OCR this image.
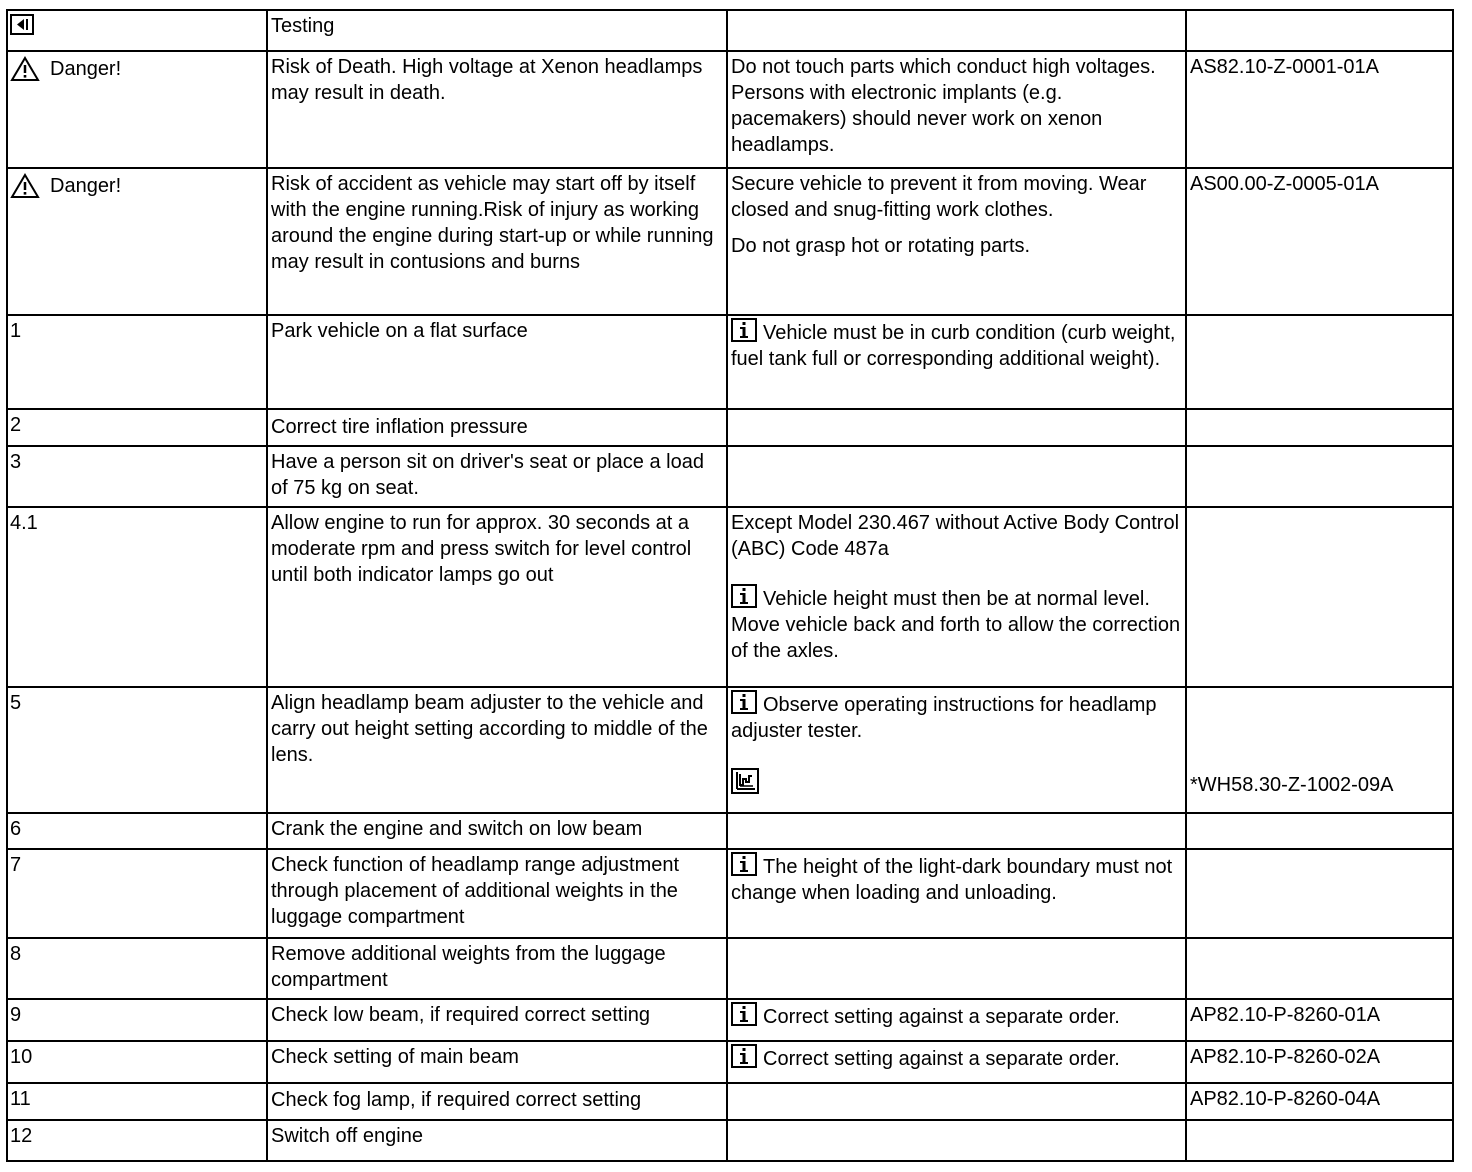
	Testing		

Danger!	Risk of Death. High voltage at Xenon headlamps may result in death.	Do not touch parts which conduct high voltages. Persons with electronic implants (e.g. pacemakers) should never work on xenon headlamps.	AS82.10-Z-0001-01A

Danger!	Risk of accident as vehicle may start off by itself with the engine running.Risk of injury as working around the engine during start-up or while running may result in contusions and burns	Secure vehicle to prevent it from moving. Wear closed and snug-fitting work clothes.
Do not grasp hot or rotating parts.	AS00.00-Z-0005-01A
1	Park vehicle on a flat surface	Vehicle must be in curb condition (curb weight, fuel tank full or corresponding additional weight).	
2	Correct tire inflation pressure		
3	Have a person sit on driver's seat or place a load of 75 kg on seat.		
4.1	Allow engine to run for approx. 30 seconds at a moderate rpm and press switch for level control until both indicator lamps go out	Except Model 230.467 without Active Body Control (ABC) Code 487a
Vehicle height must then be at normal level. Move vehicle back and forth to allow the correction of the axles.	

5	Align headlamp beam adjuster to the vehicle and carry out height setting according to middle of the lens.	Observe operating instructions for headlamp adjuster tester.	*WH58.30-Z-1002-09A
6	Crank the engine and switch on low beam		
7	Check function of headlamp range adjustment through placement of additional weights in the luggage compartment	The height of the light-dark boundary must not change when loading and unloading.	
8	Remove additional weights from the luggage compartment		
9	Check low beam, if required correct setting	Correct setting against a separate order.	AP82.10-P-8260-01A
10	Check setting of main beam	Correct setting against a separate order.	AP82.10-P-8260-02A
11	Check fog lamp, if required correct setting		AP82.10-P-8260-04A
12	Switch off engine		
